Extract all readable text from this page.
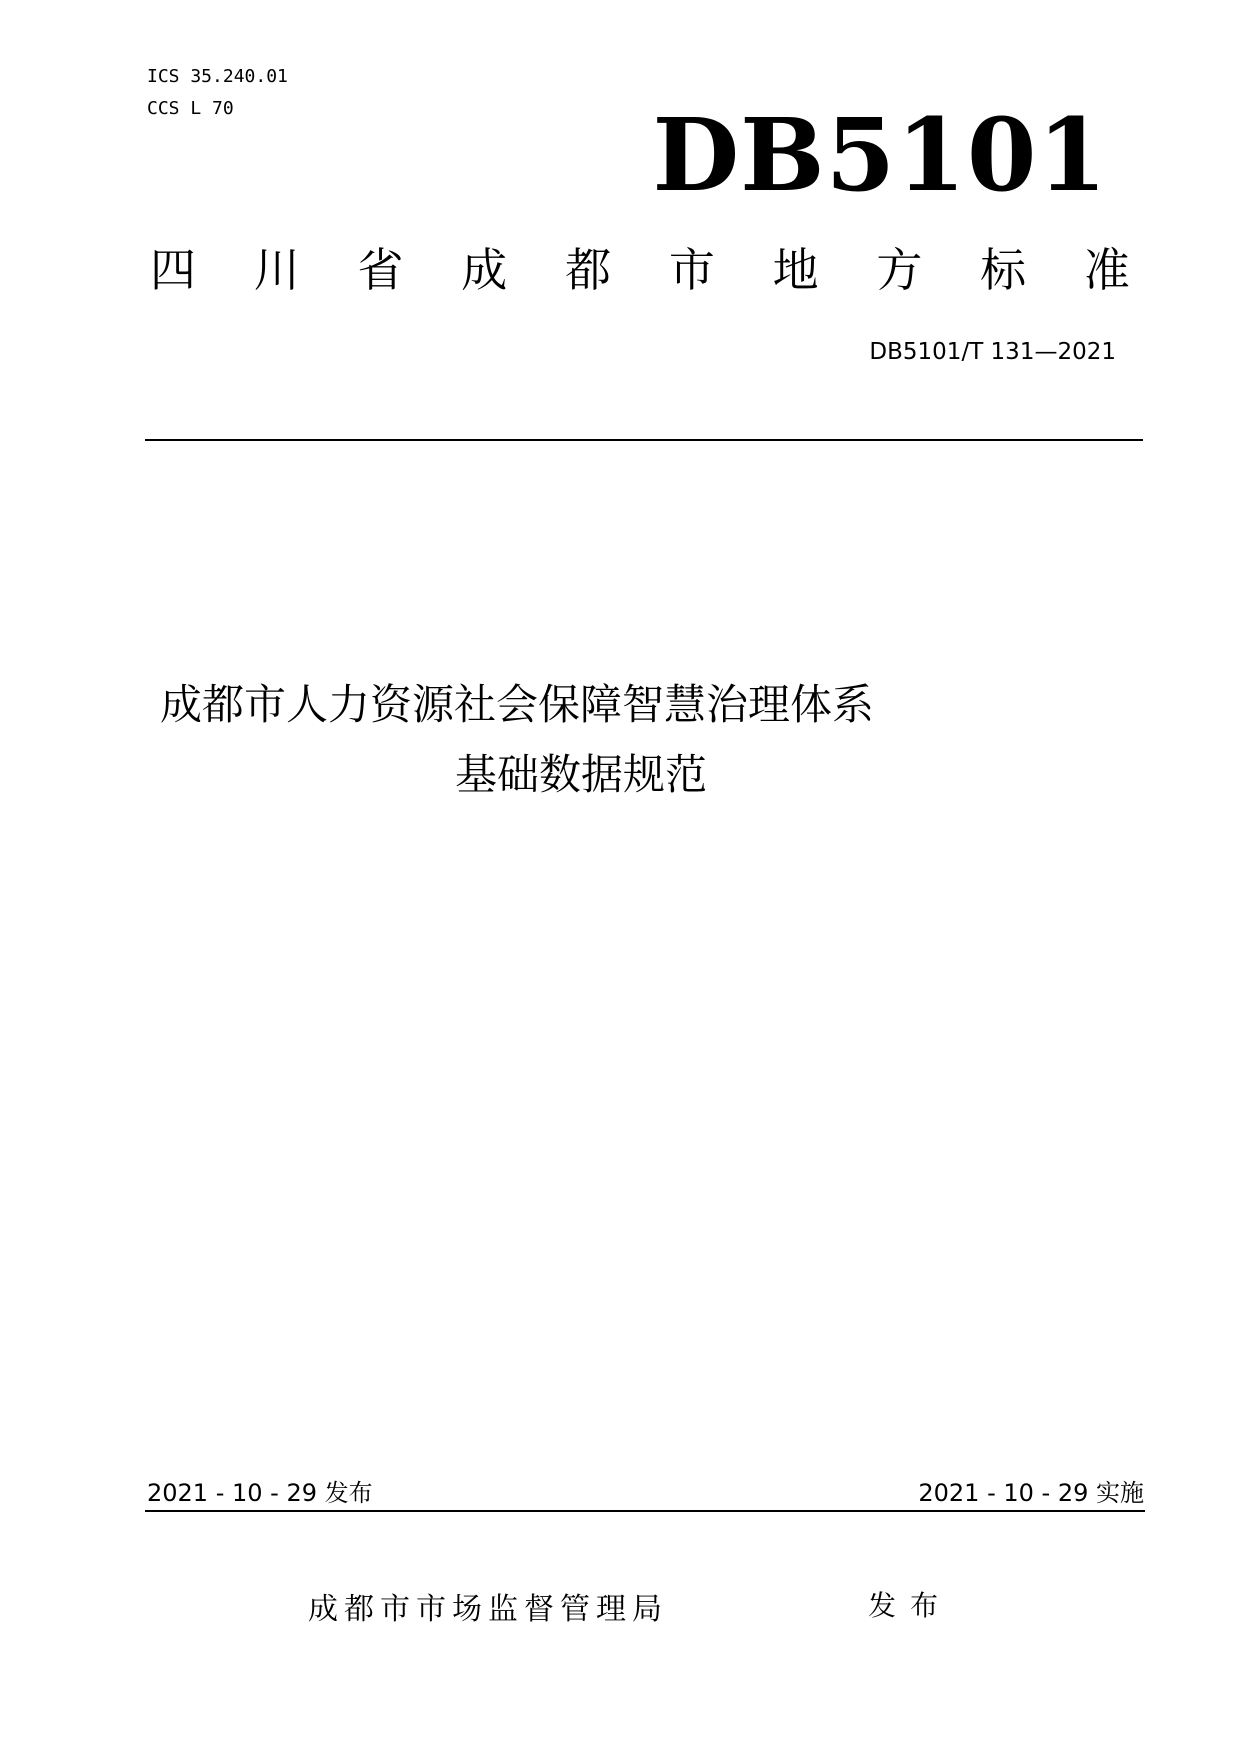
ICS 35.240.01
CCS L 70	DB5101
四 川 省 成 都 市 地 方 标 准
DB5101/T 131—2021
成都市人力资源社会保障智慧治理体系
基础数据规范
2021 - 10 - 29 发布	2021 - 10 - 29 实施
成都市市场监督管理局	发布
